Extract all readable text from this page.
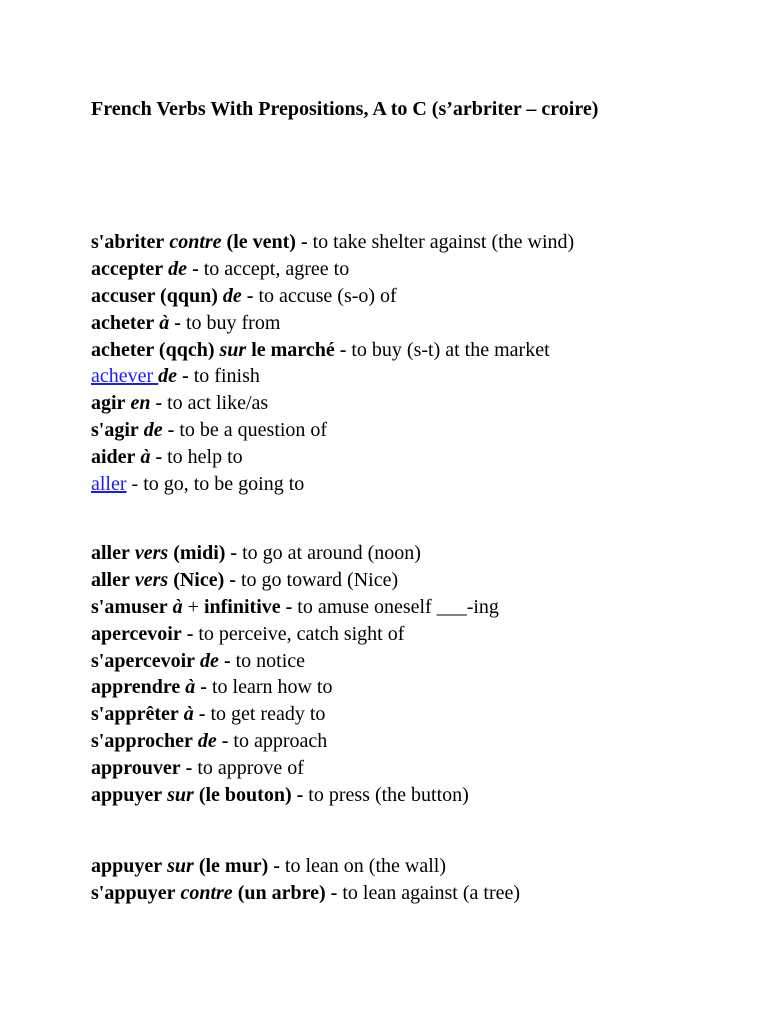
French Verbs With Prepositions, A to C (s’arbriter – croire)
s'abriter contre (le vent) - to take shelter against (the wind)
accepter de - to accept, agree to
accuser (qqun) de - to accuse (s-o) of
acheter à - to buy from
acheter (qqch) sur le marché - to buy (s-t) at the market
achever de - to finish
agir en - to act like/as
s'agir de - to be a question of
aider à - to help to
aller - to go, to be going to
aller vers (midi) - to go at around (noon)
aller vers (Nice) - to go toward (Nice)
s'amuser à + infinitive - to amuse oneself ___-ing
apercevoir - to perceive, catch sight of
s'apercevoir de - to notice
apprendre à - to learn how to
s'apprêter à - to get ready to
s'approcher de - to approach
approuver - to approve of
appuyer sur (le bouton) - to press (the button)
appuyer sur (le mur) - to lean on (the wall)
s'appuyer contre (un arbre) - to lean against (a tree)
